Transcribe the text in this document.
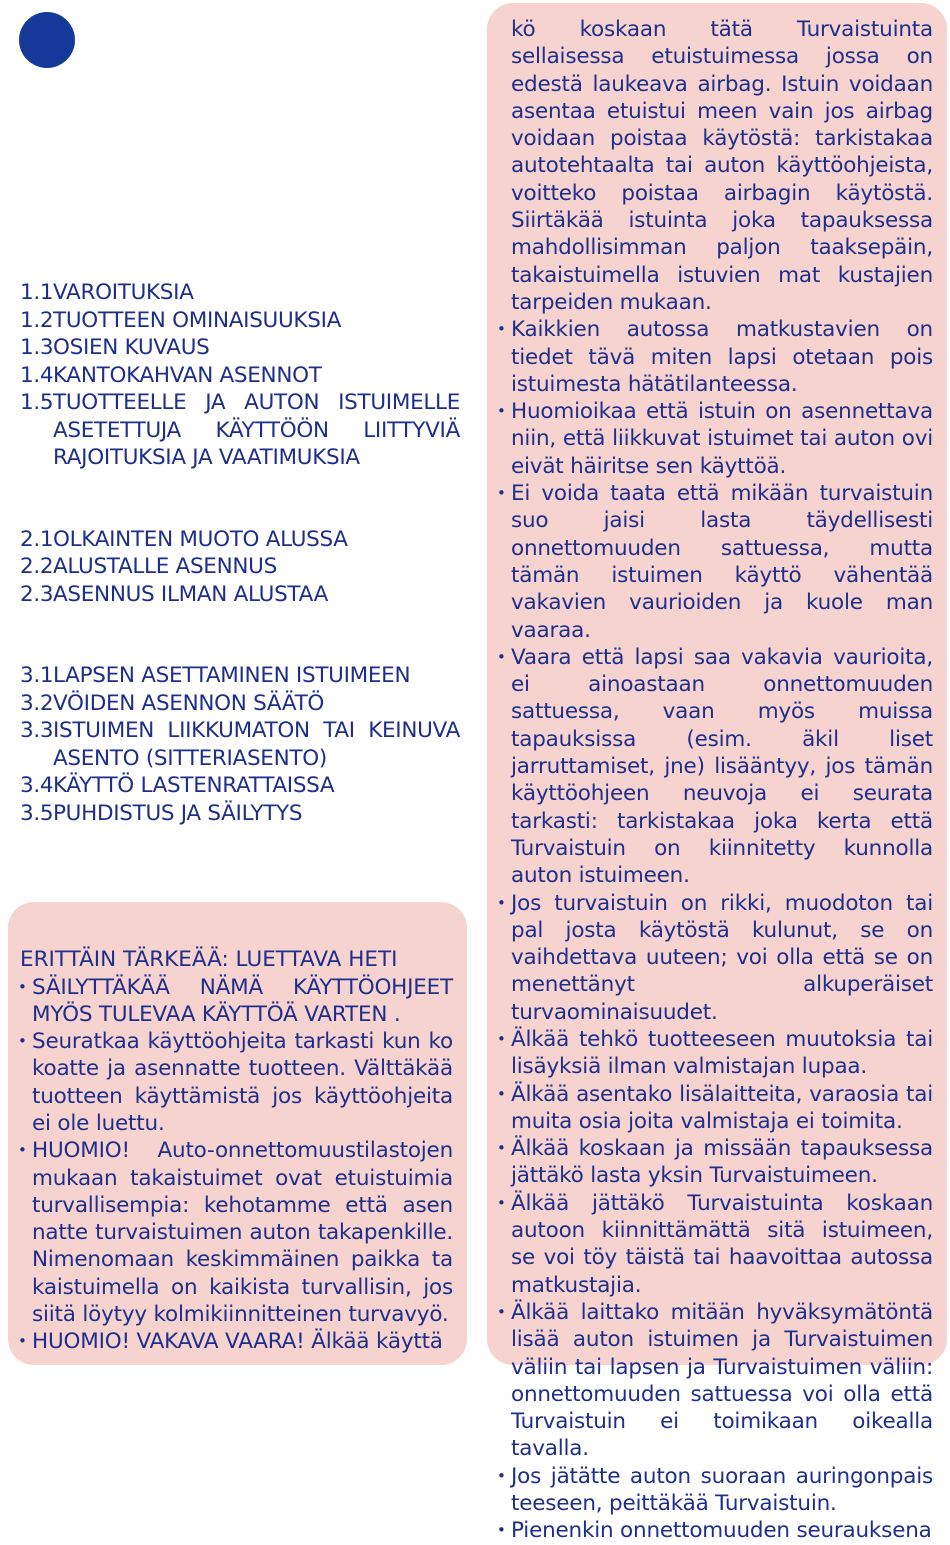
1.1 VAROITUKSIA
1.2 TUOTTEEN OMINAISUUKSIA
1.3 OSIEN KUVAUS
1.4 KANTOKAHVAN ASENNOT
1.5 TUOTTEELLE JA AUTON ISTUIMELLE ASETETTUJA KÄYTTÖÖN LIITTYVIÄ RAJOITUKSIA JA VAATIMUKSIA
2.1 OLKAINTEN MUOTO ALUSSA
2.2 ALUSTALLE ASENNUS
2.3 ASENNUS ILMAN ALUSTAA
3.1 LAPSEN ASETTAMINEN ISTUIMEEN
3.2 VÖIDEN ASENNON SÄÄTÖ
3.3 ISTUIMEN LIIKKUMATON TAI KEINUVA ASENTO (SITTERIASENTO)
3.4 KÄYTTÖ LASTENRATTAISSA
3.5 PUHDISTUS JA SÄILYTYS
ERITTÄIN TÄRKEÄÄ: LUETTAVA HETI
• SÄILYTTÄKÄÄ NÄMÄ KÄYTTÖOHJEET MYÖS TULEVAA KÄYTTÖÄ VARTEN .
• Seuratkaa käyttöohjeita tarkasti kun ko koatte ja asennatte tuotteen. Välttäkää tuotteen käyttämistä jos käyttöohjeita ei ole luettu.
• HUOMIO! Auto-onnettomuustilastojen mukaan takaistuimet ovat etuistuimia turvallisempia: kehotamme että asen natte turvaistuimen auton takapenkille. Nimenomaan keskimmäinen paikka ta kaistuimella on kaikista turvallisin, jos siitä löytyy kolmikiinnitteinen turvavyö.
• HUOMIO! VAKAVA VAARA! Älkää käyttä
kö koskaan tätä Turvaistuinta sellaisessa etuistuimessa jossa on edestä laukeava airbag. Istuin voidaan asentaa etuistui meen vain jos airbag voidaan poistaa käytöstä: tarkistakaa autotehtaalta tai auton käyttöohjeista, voitteko poistaa airbagin käytöstä. Siirtäkää istuinta joka tapauksessa mahdollisimman paljon taaksepäin, takaistuimella istuvien mat kustajien tarpeiden mukaan.
• Kaikkien autossa matkustavien on tiedet tävä miten lapsi otetaan pois istuimesta hätätilanteessa.
• Huomioikaa että istuin on asennettava niin, että liikkuvat istuimet tai auton ovi eivät häiritse sen käyttöä.
• Ei voida taata että mikään turvaistuin suo jaisi lasta täydellisesti onnettomuuden sattuessa, mutta tämän istuimen käyttö vähentää vakavien vaurioiden ja kuole man vaaraa.
• Vaara että lapsi saa vakavia vaurioita, ei ainoastaan onnettomuuden sattuessa, vaan myös muissa tapauksissa (esim. äkil liset jarruttamiset, jne) lisääntyy, jos tämän käyttöohjeen neuvoja ei seurata tarkasti: tarkistakaa joka kerta että Turvaistuin on kiinnitetty kunnolla auton istuimeen.
• Jos turvaistuin on rikki, muodoton tai pal josta käytöstä kulunut, se on vaihdettava uuteen; voi olla että se on menettänyt alkuperäiset turvaominaisuudet.
• Älkää tehkö tuotteeseen muutoksia tai lisäyksiä ilman valmistajan lupaa.
• Älkää asentako lisälaitteita, varaosia tai muita osia joita valmistaja ei toimita.
• Älkää koskaan ja missään tapauksessa jättäkö lasta yksin Turvaistuimeen.
• Älkää jättäkö Turvaistuinta koskaan autoon kiinnittämättä sitä istuimeen, se voi töy täistä tai haavoittaa autossa matkustajia.
• Älkää laittako mitään hyväksymätöntä lisää auton istuimen ja Turvaistuimen väliin tai lapsen ja Turvaistuimen väliin: onnettomuuden sattuessa voi olla että Turvaistuin ei toimikaan oikealla tavalla.
• Jos jätätte auton suoraan auringonpais teeseen, peittäkää Turvaistuin.
• Pienenkin onnettomuuden seurauksena
